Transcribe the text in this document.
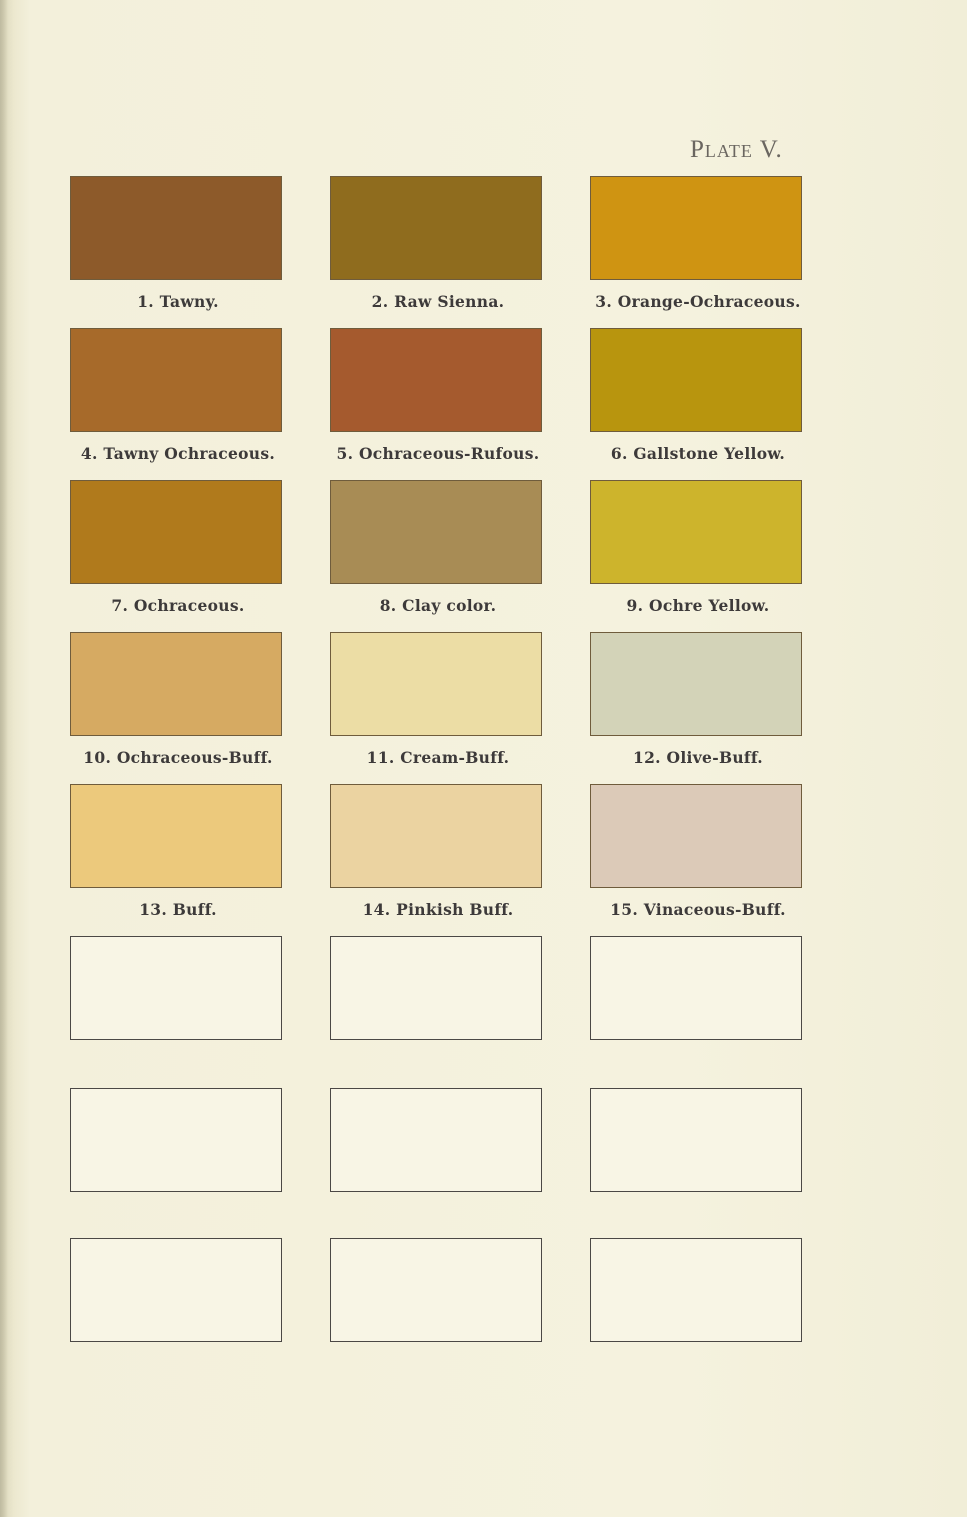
Plate V.
1. Tawny.	2. Raw Sienna.	3. Orange-Ochraceous.
4. Tawny Ochraceous.	5. Ochraceous-Rufous.	6. Gallstone Yellow.
7. Ochraceous.	8. Clay color.	9. Ochre Yellow.
10. Ochraceous-Buff.	11. Cream-Buff.	12. Olive-Buff.
13. Buff.	14. Pinkish Buff.	15. Vinaceous-Buff.
